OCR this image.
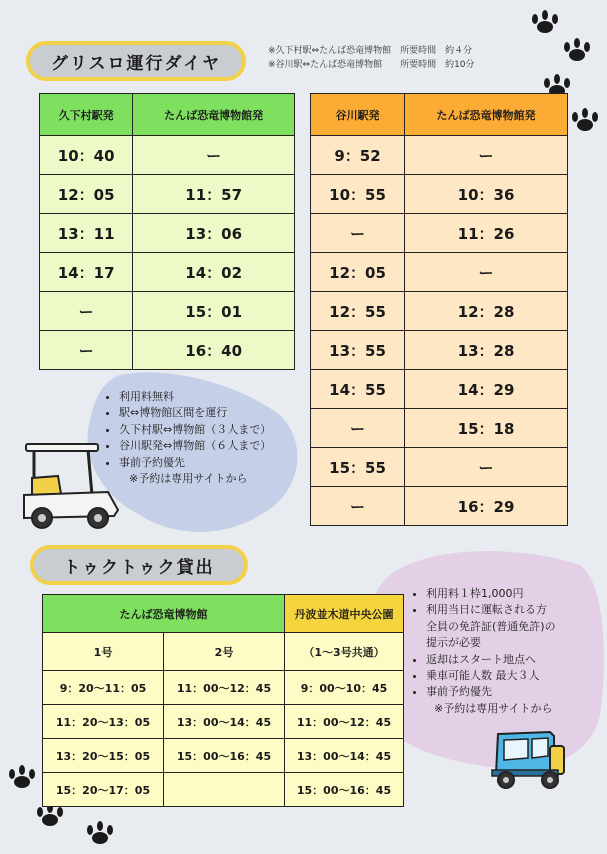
グリスロ運行ダイヤ
※久下村駅⇔たんば恐竜博物館　所要時間　約４分
※谷川駅⇔たんば恐竜博物館　　所要時間　約10分
久下村駅発	たんば恐竜博物館発
10：40	ー
12：05	11：57
13：11	13：06
14：17	14：02
ー	15：01
ー	16：40
谷川駅発	たんば恐竜博物館発
9：52	ー
10：55	10：36
ー	11：26
12：05	ー
12：55	12：28
13：55	13：28
14：55	14：29
ー	15：18
15：55	ー
ー	16：29
• 利用料無料
• 駅⇔博物館区間を運行
• 久下村駅⇔博物館（３人まで）
• 谷川駅発⇔博物館（６人まで）
• 事前予約優先
※予約は専用サイトから
トゥクトゥク貸出
たんば恐竜博物館		丹波並木道中央公園
1号	2号	（1～3号共通）
9：20～11：05	11：00～12：45	9：00～10：45
11：20～13：05	13：00～14：45	11：00～12：45
13：20～15：05	15：00～16：45	13：00～14：45
15：20～17：05		15：00～16：45
• 利用料１枠1,000円
• 利用当日に運転される方
全員の免許証(普通免許)の
提示が必要
• 返却はスタート地点へ
• 乗車可能人数 最大３人
• 事前予約優先
※予約は専用サイトから
